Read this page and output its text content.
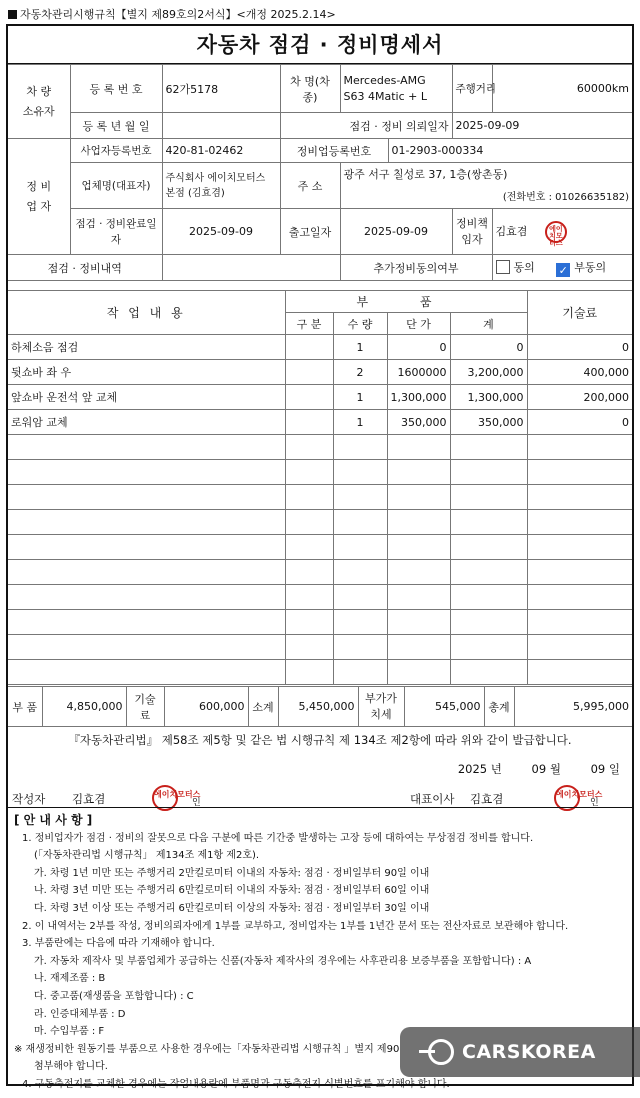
자동차관리시행규칙【별지 제89호의2서식】<개정 2025.2.14>
자동차 점검 · 정비명세서
차 량
소유자	등 록 번 호	62가5178	차 명(차종)	Mercedes-AMG S63 4Matic + L		주행거리	60000km
	등 록 년 월 일		점검 · 정비 의뢰일자			2025-09-09	
정 비
업 자	사업자등록번호	420-81-02462	정비업등록번호		01-2903-000334		
	업체명(대표자)	주식회사 에이치모터스 본점 (김효겸)	주 소	광주 서구 칠성로 37, 1층(쌍촌동)
(전화번호 : 01026635182)			

	점검 · 정비완료일자	2025-09-09	출고일자	2025-09-09		정비책임자	김효겸 에이치모터스
점검 · 정비내역				추가정비동의여부			동의 ✓ 부동의
작 업 내 용	부 품				기술료
	구 분	수 량	단 가	계	
하체소음 점검		1	0	0	0
뒷쇼바 좌 우		2	1600000	3,200,000	400,000
앞쇼바 운전석 앞 교체		1	1,300,000	1,300,000	200,000
로워암 교체		1	350,000	350,000	0

부 품	4,850,000	기술료	600,000	소계	5,450,000	부가가치세	545,000	총계	5,995,000
『자동차관리법』 제58조 제5항 및 같은 법 시행규칙 제 134조 제2항에 따라 위와 같이 발급합니다.
2025 년	09 월	09 일
작성자 김효겸	에이치모터스
인	대표이사 김효겸	에이치모터스
인
[ 안 내 사 항 ]
1. 정비업자가 점검 · 정비의 잘못으로 다음 구분에 따른 기간중 발생하는 고장 등에 대하여는 무상점검 정비를 합니다.
(「자동차관리법 시행규칙」 제134조 제1항 제2호).
가. 차령 1년 미만 또는 주행거리 2만킬로미터 이내의 자동차: 점검 · 정비일부터 90일 이내
나. 차령 3년 미만 또는 주행거리 6만킬로미터 이내의 자동차: 점검 · 정비일부터 60일 이내
다. 차령 3년 이상 또는 주행거리 6만킬로미터 이상의 자동차: 점검 · 정비일부터 30일 이내
2. 이 내역서는 2부를 작성, 정비의뢰자에게 1부를 교부하고, 정비업자는 1부를 1년간 문서 또는 전산자료로 보관해야 합니다.
3. 부품란에는 다음에 따라 기재해야 합니다.
가. 자동차 제작사 및 부품업체가 공급하는 신품(자동차 제작사의 경우에는 사후관리용 보증부품을 포함합니다) : A
나. 재제조품 : B
다. 중고품(재생품을 포함합니다) : C
라. 인증대체부품 : D
마. 수입부품 : F
※ 재생정비한 원동기를 부품으로 사용한 경우에는「자동차관리법 시행규칙 」별지 제90
첨부해야 합니다.
4. 구동축전지를 교체한 경우에는 작업내용란에 부품명과 구동축전지 식별번호를 표기해야 합니다.
CARSKOREA
